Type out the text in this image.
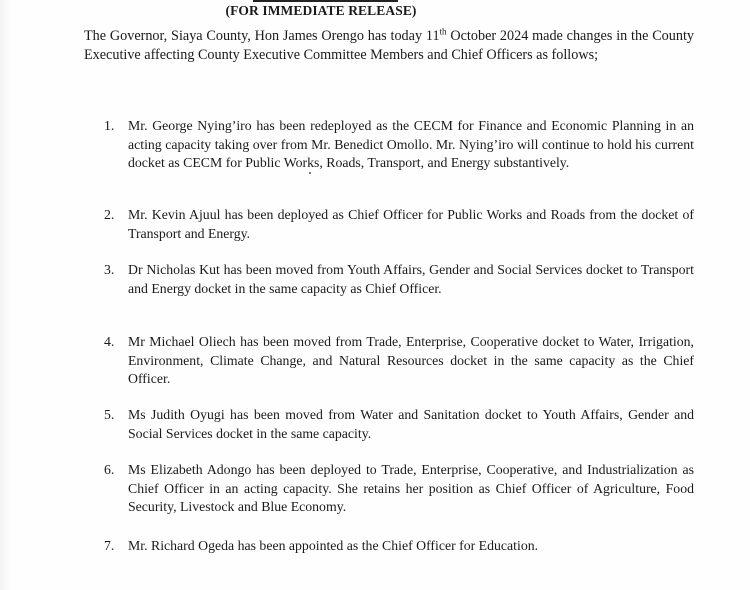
(FOR IMMEDIATE RELEASE)

The Governor, Siaya County, Hon James Orengo has today 11th October 2024 made changes in the County Executive affecting County Executive Committee Members and Chief Officers as follows;

1. Mr. George Nying’iro has been redeployed as the CECM for Finance and Economic Planning in an acting capacity taking over from Mr. Benedict Omollo. Mr. Nying’iro will continue to hold his current docket as CECM for Public Works, Roads, Transport, and Energy substantively.
2. Mr. Kevin Ajuul has been deployed as Chief Officer for Public Works and Roads from the docket of Transport and Energy.
3. Dr Nicholas Kut has been moved from Youth Affairs, Gender and Social Services docket to Transport and Energy docket in the same capacity as Chief Officer.
4. Mr Michael Oliech has been moved from Trade, Enterprise, Cooperative docket to Water, Irrigation, Environment, Climate Change, and Natural Resources docket in the same capacity as the Chief Officer.
5. Ms Judith Oyugi has been moved from Water and Sanitation docket to Youth Affairs, Gender and Social Services docket in the same capacity.
6. Ms Elizabeth Adongo has been deployed to Trade, Enterprise, Cooperative, and Industrialization as Chief Officer in an acting capacity. She retains her position as Chief Officer of Agriculture, Food Security, Livestock and Blue Economy.
7. Mr. Richard Ogeda has been appointed as the Chief Officer for Education.
